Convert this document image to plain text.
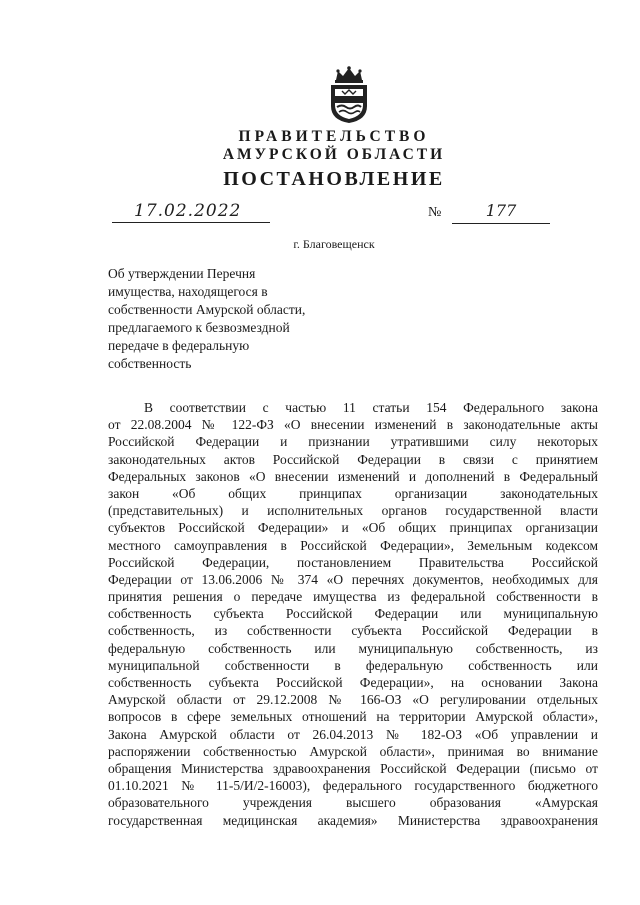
ПРАВИТЕЛЬСТВО
АМУРСКОЙ ОБЛАСТИ
ПОСТАНОВЛЕНИЕ
17.02.2022	№	177
г. Благовещенск
Об утверждении Перечня
имущества, находящегося в
собственности Амурской области,
предлагаемого к безвозмездной
передаче в федеральную
собственность
В соответствии с частью 11 статьи 154 Федерального закона
от 22.08.2004 № 122-ФЗ «О внесении изменений в законодательные акты
Российской Федерации и признании утратившими силу некоторых
законодательных актов Российской Федерации в связи с принятием
Федеральных законов «О внесении изменений и дополнений в Федеральный
закон «Об общих принципах организации законодательных
(представительных) и исполнительных органов государственной власти
субъектов Российской Федерации» и «Об общих принципах организации
местного самоуправления в Российской Федерации», Земельным кодексом
Российской Федерации, постановлением Правительства Российской
Федерации от 13.06.2006 № 374 «О перечнях документов, необходимых для
принятия решения о передаче имущества из федеральной собственности в
собственность субъекта Российской Федерации или муниципальную
собственность, из собственности субъекта Российской Федерации в
федеральную собственность или муниципальную собственность, из
муниципальной собственности в федеральную собственность или
собственность субъекта Российской Федерации», на основании Закона
Амурской области от 29.12.2008 № 166-ОЗ «О регулировании отдельных
вопросов в сфере земельных отношений на территории Амурской области»,
Закона Амурской области от 26.04.2013 № 182-ОЗ «Об управлении и
распоряжении собственностью Амурской области», принимая во внимание
обращения Министерства здравоохранения Российской Федерации (письмо от
01.10.2021 № 11-5/И/2-16003), федерального государственного бюджетного
образовательного учреждения высшего образования «Амурская
государственная медицинская академия» Министерства здравоохранения
